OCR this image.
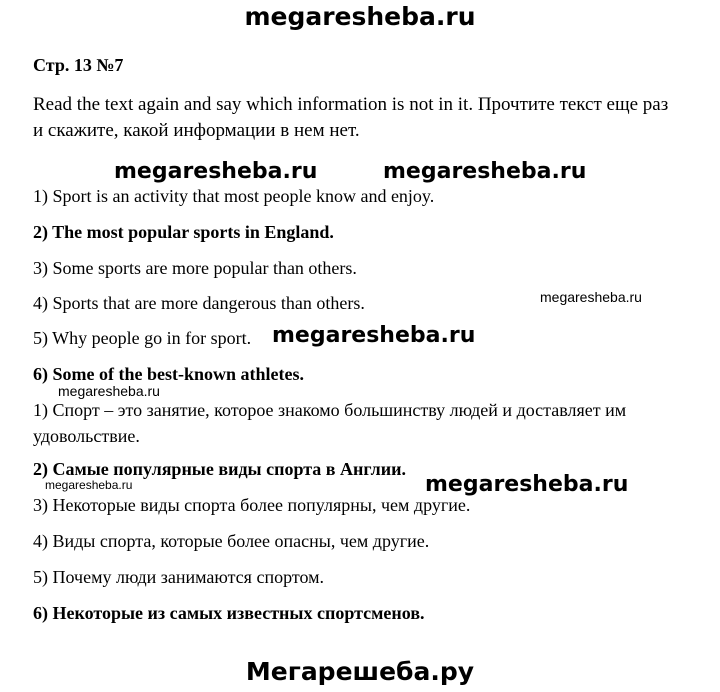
megaresheba.ru
Стр. 13 №7
Read the text again and say which information is not in it. Прочтите текст еще раз и скажите, какой информации в нем нет.
megaresheba.ru	megaresheba.ru
1) Sport is an activity that most people know and enjoy.
2) The most popular sports in England.
3) Some sports are more popular than others.
4) Sports that are more dangerous than others.	megaresheba.ru
5) Why people go in for sport. megaresheba.ru
6) Some of the best-known athletes.
megaresheba.ru
1) Спорт – это занятие, которое знакомо большинству людей и доставляет им удовольствие.
2) Самые популярные виды спорта в Англии.
megaresheba.ru
3) Некоторые виды спорта более популярны, чем другие.
megaresheba.ru
4) Виды спорта, которые более опасны, чем другие.
5) Почему люди занимаются спортом.
6) Некоторые из самых известных спортсменов.
Мегарешеба.ру
